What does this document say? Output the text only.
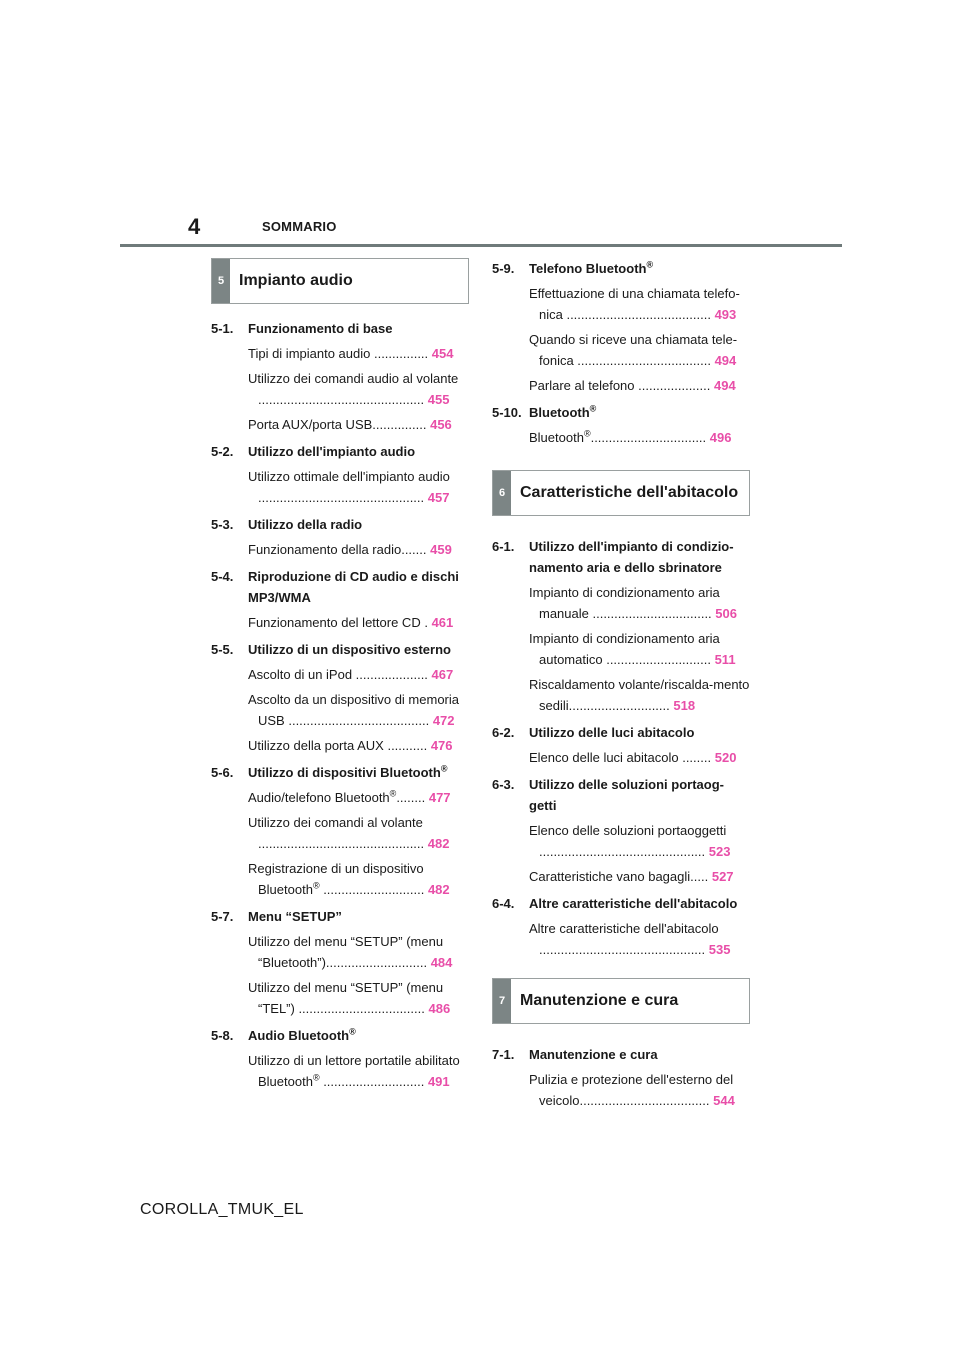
4	SOMMARIO
5 Impianto audio
5-1. Funzionamento di base
Tipi di impianto audio ............... 454
Utilizzo dei comandi audio al volante .............................................. 455
Porta AUX/porta USB............... 456
5-2. Utilizzo dell'impianto audio
Utilizzo ottimale dell'impianto audio .............................................. 457
5-3. Utilizzo della radio
Funzionamento della radio....... 459
5-4. Riproduzione di CD audio e dischi MP3/WMA
Funzionamento del lettore CD . 461
5-5. Utilizzo di un dispositivo esterno
Ascolto di un iPod .................... 467
Ascolto da un dispositivo di memoria USB ....................................... 472
Utilizzo della porta AUX ........... 476
5-6. Utilizzo di dispositivi Bluetooth®
Audio/telefono Bluetooth®........ 477
Utilizzo dei comandi al volante .............................................. 482
Registrazione di un dispositivo Bluetooth® ............................ 482
5-7. Menu “SETUP”
Utilizzo del menu “SETUP” (menu “Bluetooth”)............................ 484
Utilizzo del menu “SETUP” (menu “TEL”) ................................... 486
5-8. Audio Bluetooth®
Utilizzo di un lettore portatile abilitato Bluetooth® ............................ 491
5-9. Telefono Bluetooth®
Effettuazione di una chiamata telefo-nica ........................................ 493
Quando si riceve una chiamata tele-fonica ..................................... 494
Parlare al telefono .................... 494
5-10. Bluetooth®
Bluetooth®................................ 496
6 Caratteristiche dell'abitacolo
6-1. Utilizzo dell'impianto di condizio-namento aria e dello sbrinatore
Impianto di condizionamento aria manuale ................................. 506
Impianto di condizionamento aria automatico ............................. 511
Riscaldamento volante/riscalda-mento sedili............................ 518
6-2. Utilizzo delle luci abitacolo
Elenco delle luci abitacolo ........ 520
6-3. Utilizzo delle soluzioni portaog-getti
Elenco delle soluzioni portaoggetti .............................................. 523
Caratteristiche vano bagagli..... 527
6-4. Altre caratteristiche dell'abitacolo
Altre caratteristiche dell'abitacolo .............................................. 535
7 Manutenzione e cura
7-1. Manutenzione e cura
Pulizia e protezione dell'esterno del veicolo.................................... 544
COROLLA_TMUK_EL
